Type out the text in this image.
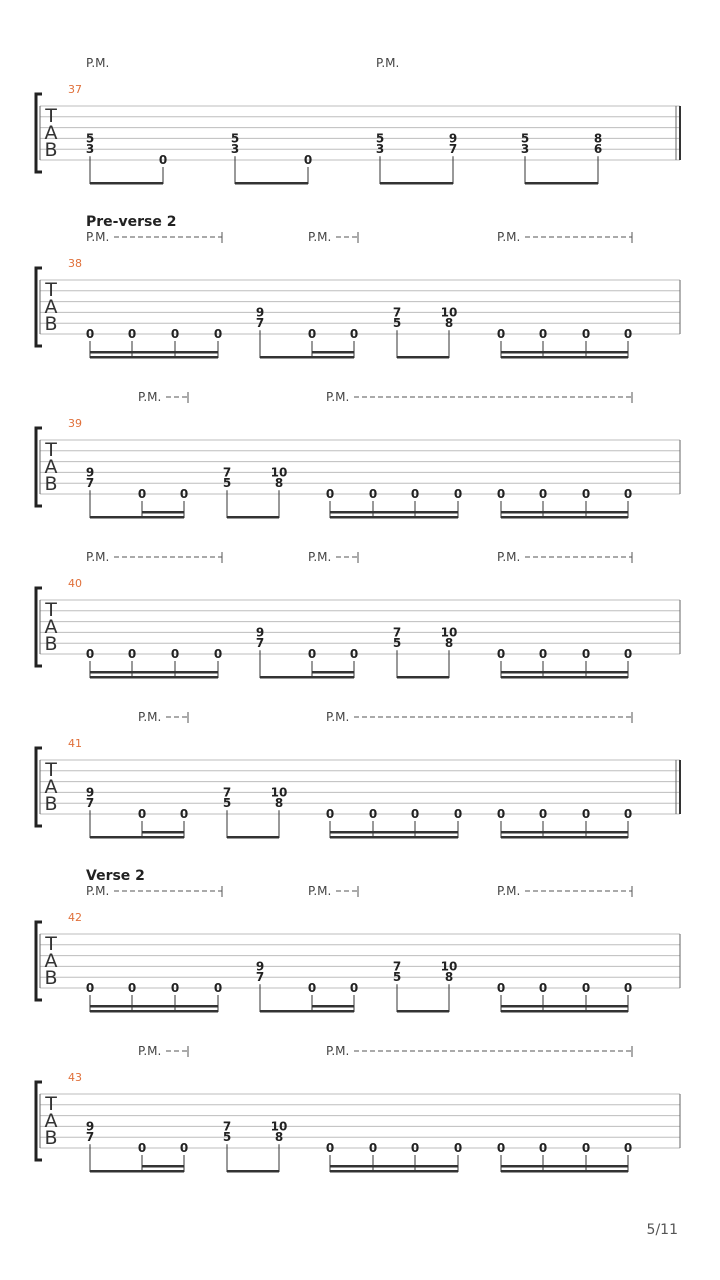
T
A
B
37
P.M.	P.M.
5
3
0
5
3
0
5
3
9
7
5
3
8
6
T
A
B
38
Pre-verse 2
P.M.	P.M.	P.M.
0	0	0	0
9
7
0	0
7
5
10
8
0	0	0	0
T
A
B
39
P.M.	P.M.
9
7
0	0
7
5
10
8
0	0	0	0	0	0	0	0
T
A
B
40
P.M.	P.M.	P.M.
0	0	0	0
9
7
0	0
7
5
10
8
0	0	0	0
T
A
B
41
P.M.	P.M.
9
7
0	0
7
5
10
8
0	0	0	0	0	0	0	0
T
A
B
42
Verse 2
P.M.	P.M.	P.M.
0	0	0	0
9
7
0	0
7
5
10
8
0	0	0	0
T
A
B
43
P.M.	P.M.
9
7
0	0
7
5
10
8
0	0	0	0	0	0	0	0
5/11
